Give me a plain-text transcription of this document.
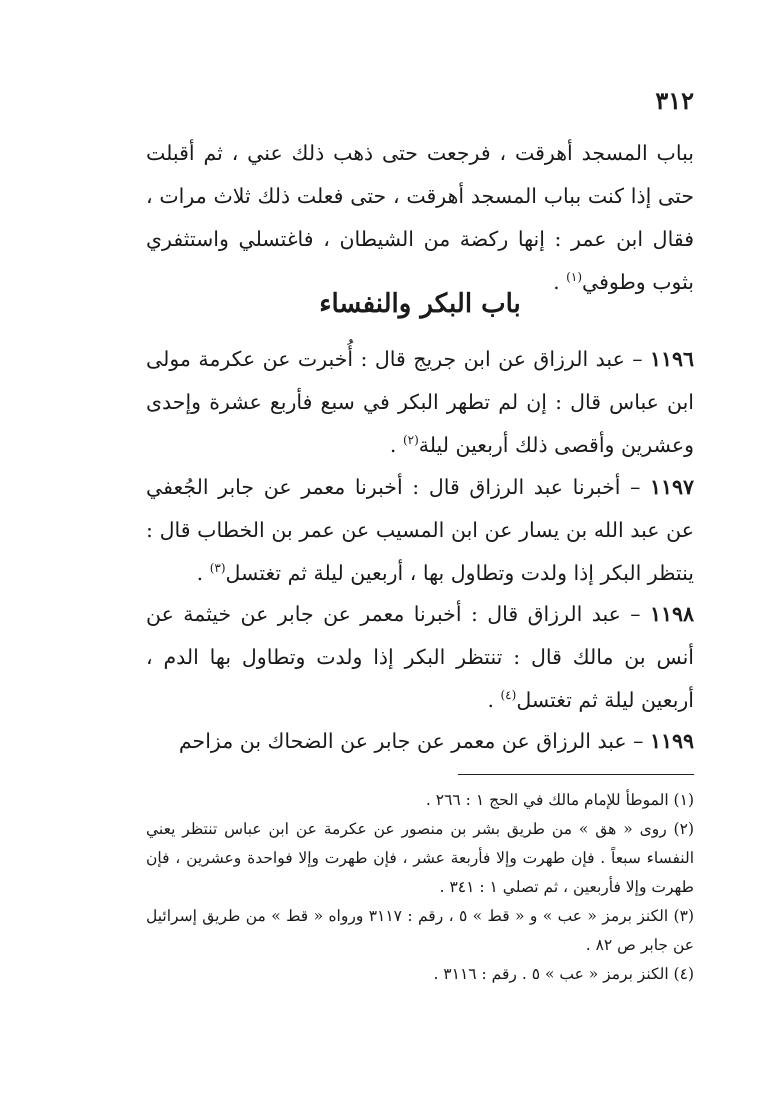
٣١٢
بباب المسجد أهرقت ، فرجعت حتى ذهب ذلك عني ، ثم أقبلت حتى إذا كنت بباب المسجد أهرقت ، حتى فعلت ذلك ثلاث مرات ، فقال ابن عمر : إنها ركضة من الشيطان ، فاغتسلي واستثفري بثوب وطوفي$^{(١)}$ .
باب البكر والنفساء
١١٩٦ – عبد الرزاق عن ابن جريج قال : أُخبرت عن عكرمة مولى ابن عباس قال : إن لم تطهر البكر في سبع فأربع عشرة وإحدى وعشرين وأقصى ذلك أربعين ليلة$^{(٢)}$ .
١١٩٧ – أخبرنا عبد الرزاق قال : أخبرنا معمر عن جابر الجُعفي عن عبد الله بن يسار عن ابن المسيب عن عمر بن الخطاب قال : ينتظر البكر إذا ولدت وتطاول بها ، أربعين ليلة ثم تغتسل$^{(٣)}$ .
١١٩٨ – عبد الرزاق قال : أخبرنا معمر عن جابر عن خيثمة عن أنس بن مالك قال : تنتظر البكر إذا ولدت وتطاول بها الدم ، أربعين ليلة ثم تغتسل$^{(٤)}$ .
١١٩٩ – عبد الرزاق عن معمر عن جابر عن الضحاك بن مزاحم

(١) الموطأ للإمام مالك في الحج ١ : ٢٦٦ .

(٢) روى « هق » من طريق بشر بن منصور عن عكرمة عن ابن عباس تنتظر يعني النفساء سبعاً . فإن طهرت وإلا فأربعة عشر ، فإن طهرت وإلا فواحدة وعشرين ، فإن طهرت وإلا فأربعين ، ثم تصلي ١ : ٣٤١ .

(٣) الكنز برمز « عب » و « قط » ٥ ، رقم : ٣١١٧ ورواه « قط » من طريق إسرائيل عن جابر ص ٨٢ .

(٤) الكنز برمز « عب » ٥ . رقم : ٣١١٦ .
